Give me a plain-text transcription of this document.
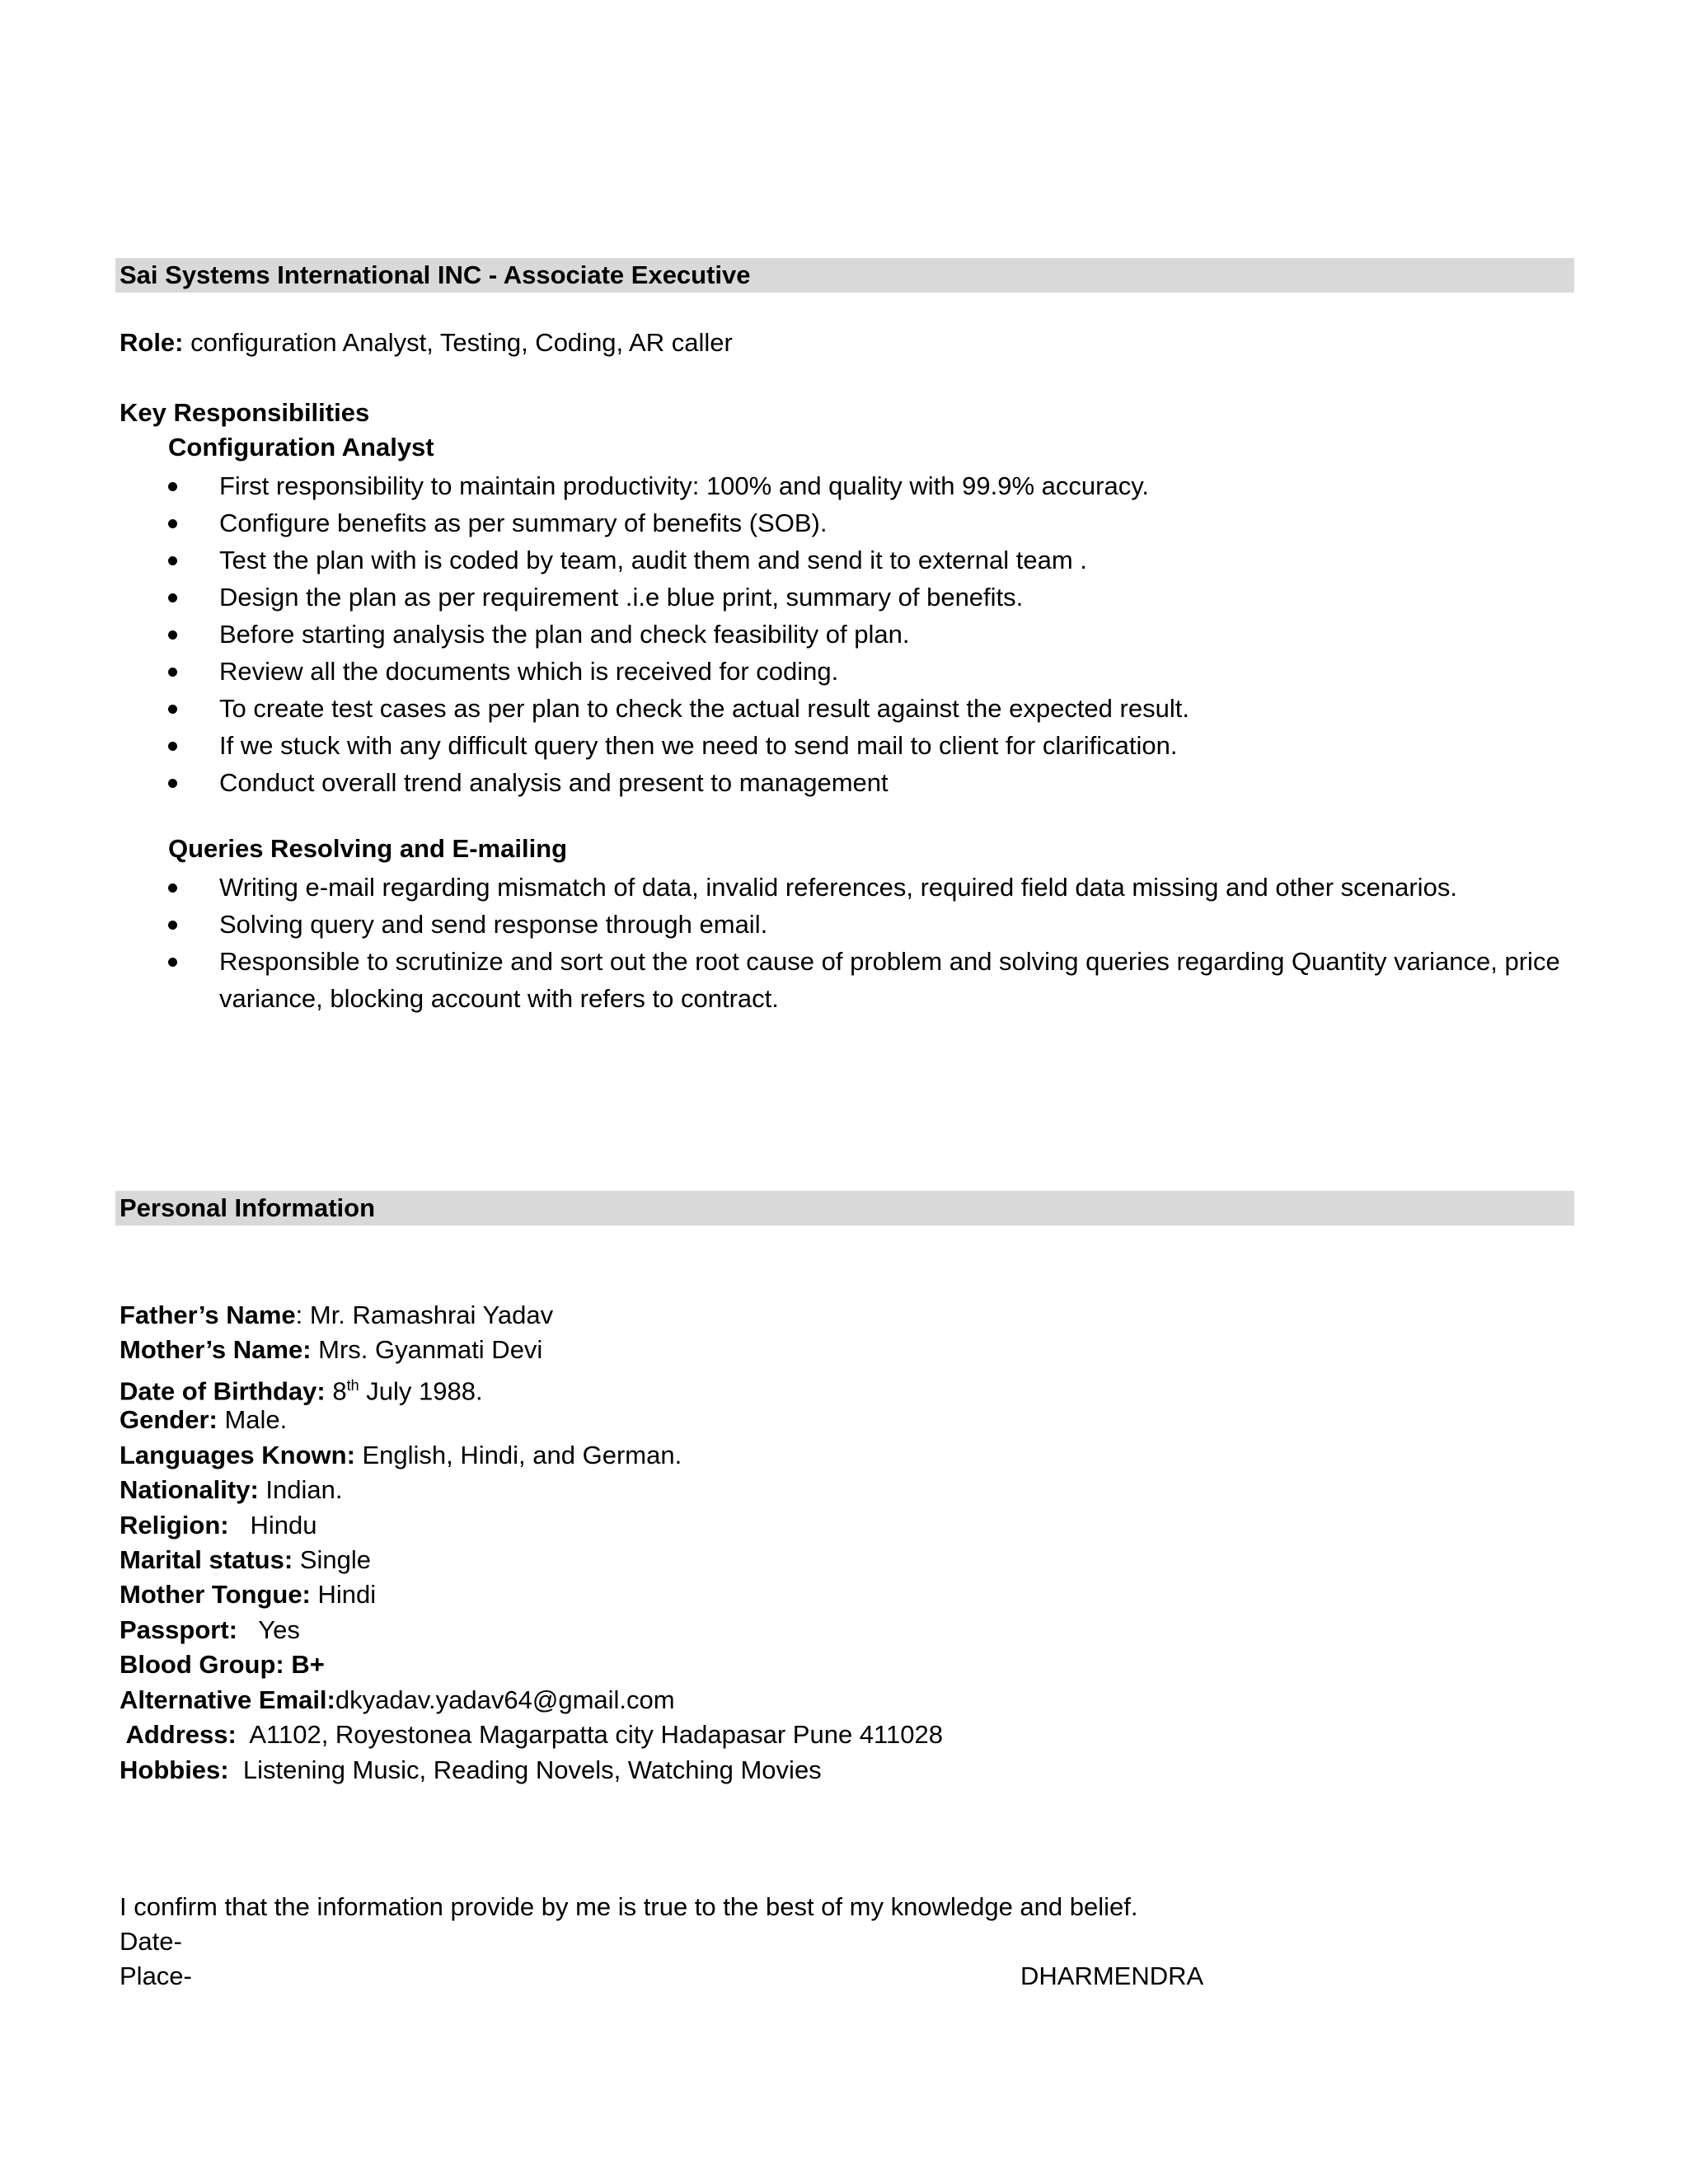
Sai Systems International INC - Associate Executive
Role: configuration Analyst, Testing, Coding, AR caller
Key Responsibilities
Configuration Analyst
First responsibility to maintain productivity: 100% and quality with 99.9% accuracy.
Configure benefits as per summary of benefits (SOB).
Test the plan with is coded by team, audit them and send it to external team .
Design the plan as per requirement .i.e blue print, summary of benefits.
Before starting analysis the plan and check feasibility of plan.
Review all the documents which is received for coding.
To create test cases as per plan to check the actual result against the expected result.
If we stuck with any difficult query then we need to send mail to client for clarification.
Conduct overall trend analysis and present to management
Queries Resolving and E-mailing
Writing e-mail regarding mismatch of data, invalid references, required field data missing and other scenarios.
Solving query and send response through email.
Responsible to scrutinize and sort out the root cause of problem and solving queries regarding Quantity variance, price variance, blocking account with refers to contract.
Personal Information
Father’s Name: Mr. Ramashrai Yadav
Mother’s Name: Mrs. Gyanmati Devi
Date of Birthday: 8th July 1988.
Gender: Male.
Languages Known: English, Hindi, and German.
Nationality: Indian.
Religion:   Hindu
Marital status: Single
Mother Tongue: Hindi
Passport:   Yes
Blood Group: B+
Alternative Email:dkyadav.yadav64@gmail.com
Address:  A1102, Royestonea Magarpatta city Hadapasar Pune 411028
Hobbies:  Listening Music, Reading Novels, Watching Movies
I confirm that the information provide by me is true to the best of my knowledge and belief.
Date-
Place-	DHARMENDRA
